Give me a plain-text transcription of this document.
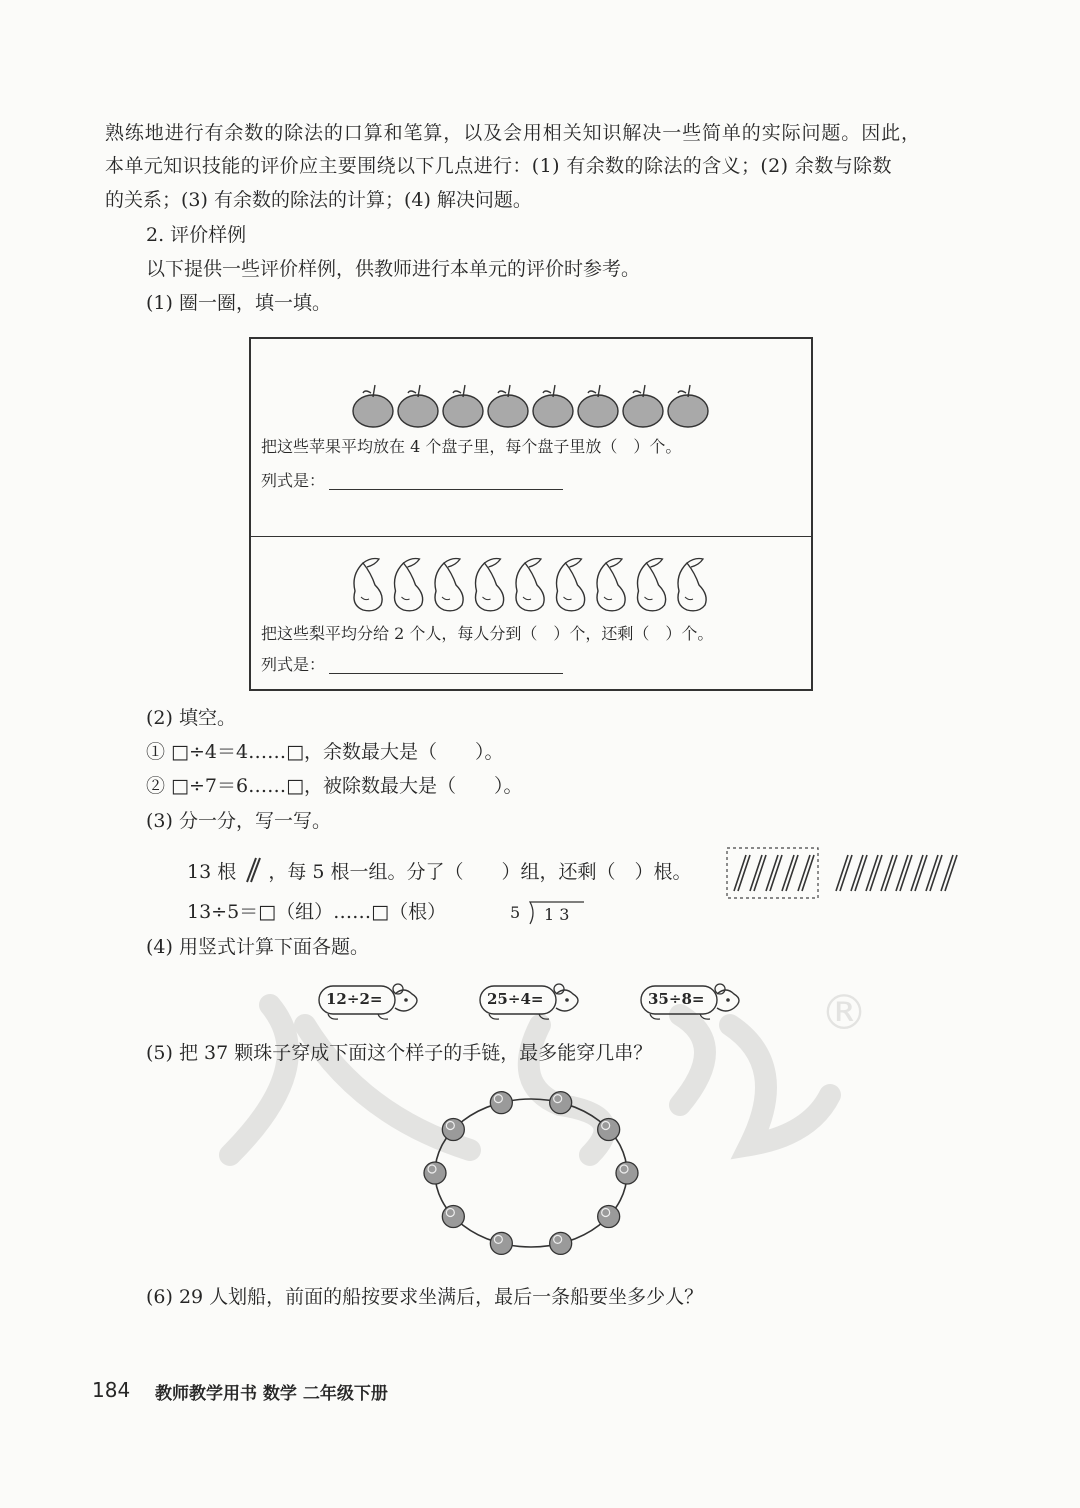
®
熟练地进行有余数的除法的口算和笔算，以及会用相关知识解决一些简单的实际问题。因此，
本单元知识技能的评价应主要围绕以下几点进行：(1) 有余数的除法的含义；(2) 余数与除数
的关系；(3) 有余数的除法的计算；(4) 解决问题。
2. 评价样例
以下提供一些评价样例，供教师进行本单元的评价时参考。
(1) 圈一圈，填一填。
把这些苹果平均放在 4 个盘子里，每个盘子里放（　）个。
列式是：
把这些梨平均分给 2 个人，每人分到（　）个，还剩（　）个。
列式是：
(2) 填空。
① □÷4＝4……□，余数最大是（　　）。
② □÷7＝6……□，被除数最大是（　　）。
(3) 分一分，写一写。
13 根 ，每 5 根一组。分了（　　）组，还剩（　）根。
13÷5＝□（组）……□（根）	5 1 3
(4) 用竖式计算下面各题。
12÷2=	25÷4=	35÷8=
(5) 把 37 颗珠子穿成下面这个样子的手链，最多能穿几串？
(6) 29 人划船，前面的船按要求坐满后，最后一条船要坐多少人？
184 教师教学用书 数学 二年级下册
